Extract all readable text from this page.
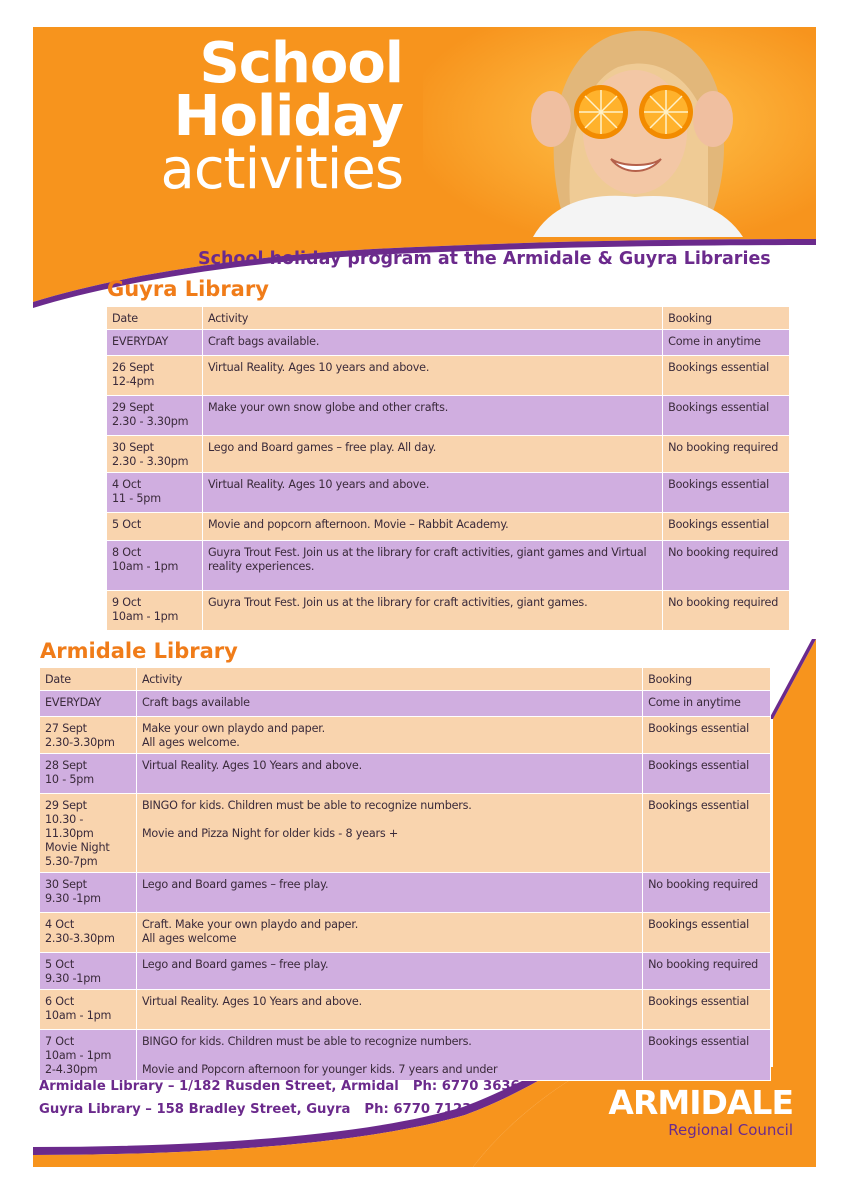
School
Holiday
activities
School holiday program at the Armidale & Guyra Libraries
Guyra Library
Date	Activity	Booking
EVERYDAY	Craft bags available.	Come in anytime
26 Sept
12-4pm	Virtual Reality. Ages 10 years and above.	Bookings essential
29 Sept
2.30 - 3.30pm	Make your own snow globe and other crafts.	Bookings essential
30 Sept
2.30 - 3.30pm	Lego and Board games – free play. All day.	No booking required
4 Oct
11 - 5pm	Virtual Reality. Ages 10 years and above.	Bookings essential
5 Oct	Movie and popcorn afternoon. Movie – Rabbit Academy.	Bookings essential
8 Oct
10am - 1pm	Guyra Trout Fest. Join us at the library for craft activities, giant games and Virtual reality experiences.	No booking required
9 Oct
10am - 1pm	Guyra Trout Fest. Join us at the library for craft activities, giant games.	No booking required
Armidale Library
Date	Activity	Booking
EVERYDAY	Craft bags available	Come in anytime
27 Sept
2.30-3.30pm	Make your own playdo and paper.
All ages welcome.	Bookings essential
28 Sept
10 - 5pm	Virtual Reality. Ages 10 Years and above.	Bookings essential
29 Sept
10.30 - 11.30pm
Movie Night
5.30-7pm	BINGO for kids. Children must be able to recognize numbers.

Movie and Pizza Night for older kids - 8 years +	Bookings essential
30 Sept
9.30 -1pm	Lego and Board games – free play.	No booking required
4 Oct
2.30-3.30pm	Craft. Make your own playdo and paper.
All ages welcome	Bookings essential
5 Oct
9.30 -1pm	Lego and Board games – free play.	No booking required
6 Oct
10am - 1pm	Virtual Reality. Ages 10 Years and above.	Bookings essential
7 Oct
10am - 1pm
2-4.30pm	BINGO for kids. Children must be able to recognize numbers.

Movie and Popcorn afternoon for younger kids. 7 years and under	Bookings essential
Armidale Library – 1/182 Rusden Street, Armidal Ph: 6770 3636
Guyra Library – 158 Bradley Street, Guyra Ph: 6770 7123	ARMIDALE
Regional Council
